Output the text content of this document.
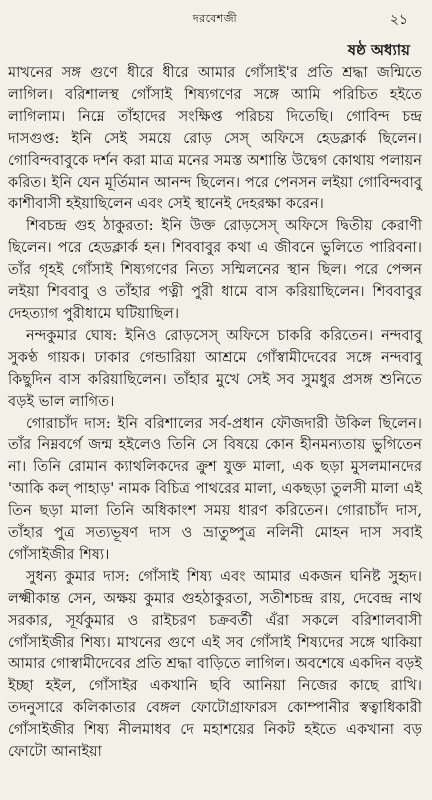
দরবেশজী	২১
ষষ্ঠ অধ্যায়

মাখনের সঙ্গ গুণে ধীরে ধীরে আমার গোঁসাই'র প্রতি শ্রদ্ধা জন্মিতে লাগিল। বরিশালস্থ গোঁসাই শিষ্যগণের সঙ্গে আমি পরিচিত হইতে লাগিলাম। নিম্নে তাঁহাদের সংক্ষিপ্ত পরিচয় দিতেছি। গোবিন্দ চন্দ্র দাসগুপ্ত: ইনি সেই সময়ে রোড় সেস্ অফিসে হেডক্লার্ক ছিলেন। গোবিন্দবাবুকে দর্শন করা মাত্র মনের সমস্ত অশান্তি উদ্বেগ কোথায় পলায়ন করিত। ইনি যেন মূর্তিমান আনন্দ ছিলেন। পরে পেনসন লইয়া গোবিন্দবাবু কাশীবাসী হইয়াছিলেন এবং সেই স্থানেই দেহরক্ষা করেন।

শিবচন্দ্র গুহ ঠাকুরতা: ইনি উক্ত রোড়সেস্ অফিসে দ্বিতীয় কেরাণী ছিলেন। পরে হেডক্লার্ক হন। শিববাবুর কথা এ জীবনে ভুলিতে পারিবনা। তাঁর গৃহই গোঁসাই শিষ্যগণের নিত্য সম্মিলনের স্থান ছিল। পরে পেন্সন লইয়া শিববাবু ও তাঁহার পত্নী পুরী ধামে বাস করিয়াছিলেন। শিববাবুর দেহত্যাগ পুরীধামে ঘটিয়াছিল।

নন্দকুমার ঘোষ: ইনিও রোড়সেস্ অফিসে চাকরি করিতেন। নন্দবাবু সুকণ্ঠ গায়ক। ঢাকার গেন্ডারিয়া আশ্রমে গোঁস্বামীদেবের সঙ্গে নন্দবাবু কিছুদিন বাস করিয়াছিলেন। তাঁহার মুখে সেই সব সুমধুর প্রসঙ্গ শুনিতে বড়ই ভাল লাগিত।

গোরাচাঁদ দাস: ইনি বরিশালের সর্ব-প্রধান ফৌজদারী উকিল ছিলেন। তাঁর নিম্নবর্গে জন্ম হইলেও তিনি সে বিষয়ে কোন হীনমন্যতায় ভুগিতেন না। তিনি রোমান ক্যাথলিকদের ক্রুশ যুক্ত মালা, এক ছড়া মুসলমানদের 'আকি কল্ পাহাড়' নামক বিচিত্র পাথরের মালা, একছড়া তুলসী মালা এই তিন ছড়া মালা তিনি অধিকাংশ সময় ধারণ করিতেন। গোরাচাঁদ দাস, তাঁহার পুত্র সত্যভূষণ দাস ও ভ্রাতুষ্পুত্র নলিনী মোহন দাস সবাই গোঁসাইজীর শিষ্য।

সুধন্য কুমার দাস: গোঁসাই শিষ্য এবং আমার একজন ঘনিষ্ট সুহৃদ। লক্ষ্মীকান্ত সেন, অক্ষয় কুমার গুহঠাকুরতা, সতীশচন্দ্র রায়, দেবেন্দ্র নাথ সরকার, সূর্যকুমার ও রাইচরণ চক্রবর্তী এঁরা সকলে বরিশালবাসী গোঁসাইজীর শিষ্য। মাখনের গুণে এই সব গোঁসাই শিষ্যদের সঙ্গে থাকিয়া আমার গোস্বামীদেবের প্রতি শ্রদ্ধা বাড়িতে লাগিল। অবশেষে একদিন বড়ই ইচ্ছা হইল, গোঁসাইর একখানি ছবি আনিয়া নিজের কাছে রাখি। তদনুসারে কলিকাতার বেঙ্গল ফোটোগ্রাফারস কোম্পানীর স্বত্বাধিকারী গোঁসাইজীর শিষ্য নীলমাধব দে মহাশয়ের নিকট হইতে একখানা বড় ফোটো আনাইয়া
